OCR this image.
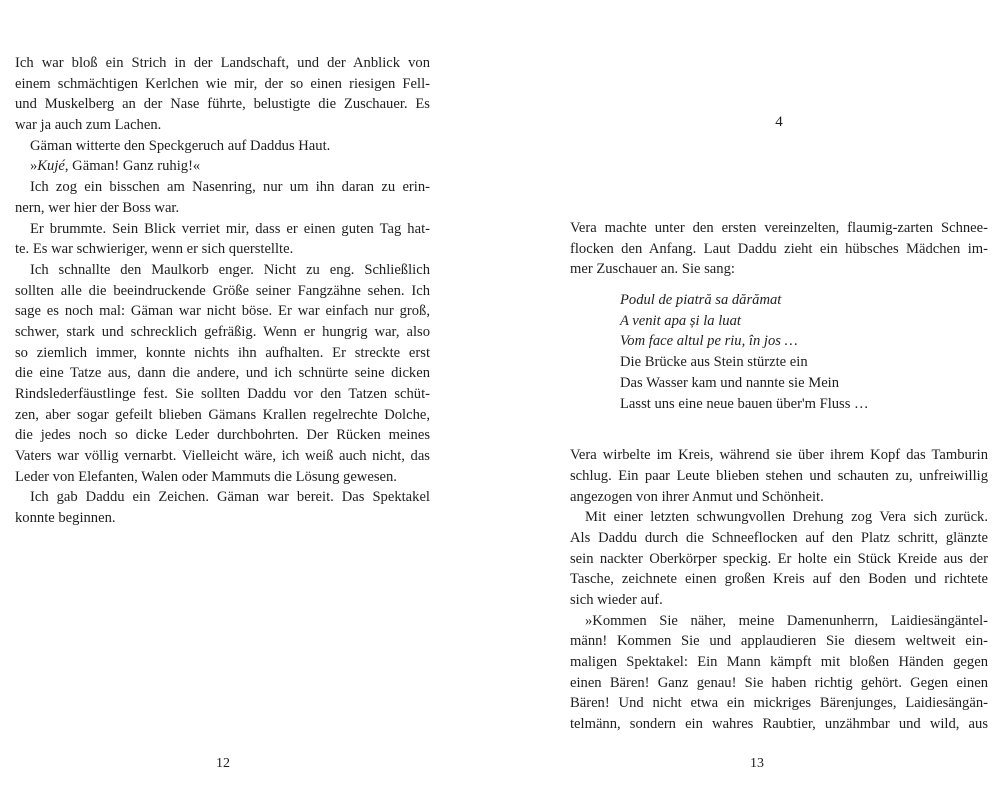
Ich war bloß ein Strich in der Landschaft, und der Anblick von
einem schmächtigen Kerlchen wie mir, der so einen riesigen Fell-
und Muskelberg an der Nase führte, belustigte die Zuschauer. Es
war ja auch zum Lachen.
Gäman witterte den Speckgeruch auf Daddus Haut.
»Kujé, Gäman! Ganz ruhig!«
Ich zog ein bisschen am Nasenring, nur um ihn daran zu erin-
nern, wer hier der Boss war.
Er brummte. Sein Blick verriet mir, dass er einen guten Tag hat-
te. Es war schwieriger, wenn er sich querstellte.
Ich schnallte den Maulkorb enger. Nicht zu eng. Schließlich
sollten alle die beeindruckende Größe seiner Fangzähne sehen. Ich
sage es noch mal: Gäman war nicht böse. Er war einfach nur groß,
schwer, stark und schrecklich gefräßig. Wenn er hungrig war, also
so ziemlich immer, konnte nichts ihn aufhalten. Er streckte erst
die eine Tatze aus, dann die andere, und ich schnürte seine dicken
Rindslederfäustlinge fest. Sie sollten Daddu vor den Tatzen schüt-
zen, aber sogar gefeilt blieben Gämans Krallen regelrechte Dolche,
die jedes noch so dicke Leder durchbohrten. Der Rücken meines
Vaters war völlig vernarbt. Vielleicht wäre, ich weiß auch nicht, das
Leder von Elefanten, Walen oder Mammuts die Lösung gewesen.
Ich gab Daddu ein Zeichen. Gäman war bereit. Das Spektakel
konnte beginnen.
12
4
Vera machte unter den ersten vereinzelten, flaumig-zarten Schnee-
flocken den Anfang. Laut Daddu zieht ein hübsches Mädchen im-
mer Zuschauer an. Sie sang:
Podul de piatră sa dărămat
A venit apa și la luat
Vom face altul pe riu, în jos …
Die Brücke aus Stein stürzte ein
Das Wasser kam und nannte sie Mein
Lasst uns eine neue bauen über'm Fluss …
Vera wirbelte im Kreis, während sie über ihrem Kopf das Tamburin
schlug. Ein paar Leute blieben stehen und schauten zu, unfreiwillig
angezogen von ihrer Anmut und Schönheit.
Mit einer letzten schwungvollen Drehung zog Vera sich zurück.
Als Daddu durch die Schneeflocken auf den Platz schritt, glänzte
sein nackter Oberkörper speckig. Er holte ein Stück Kreide aus der
Tasche, zeichnete einen großen Kreis auf den Boden und richtete
sich wieder auf.
»Kommen Sie näher, meine Damenunherrn, Laidiesängäntel-
männ! Kommen Sie und applaudieren Sie diesem weltweit ein-
maligen Spektakel: Ein Mann kämpft mit bloßen Händen gegen
einen Bären! Ganz genau! Sie haben richtig gehört. Gegen einen
Bären! Und nicht etwa ein mickriges Bärenjunges, Laidiesängän-
telmänn, sondern ein wahres Raubtier, unzähmbar und wild, aus
13
